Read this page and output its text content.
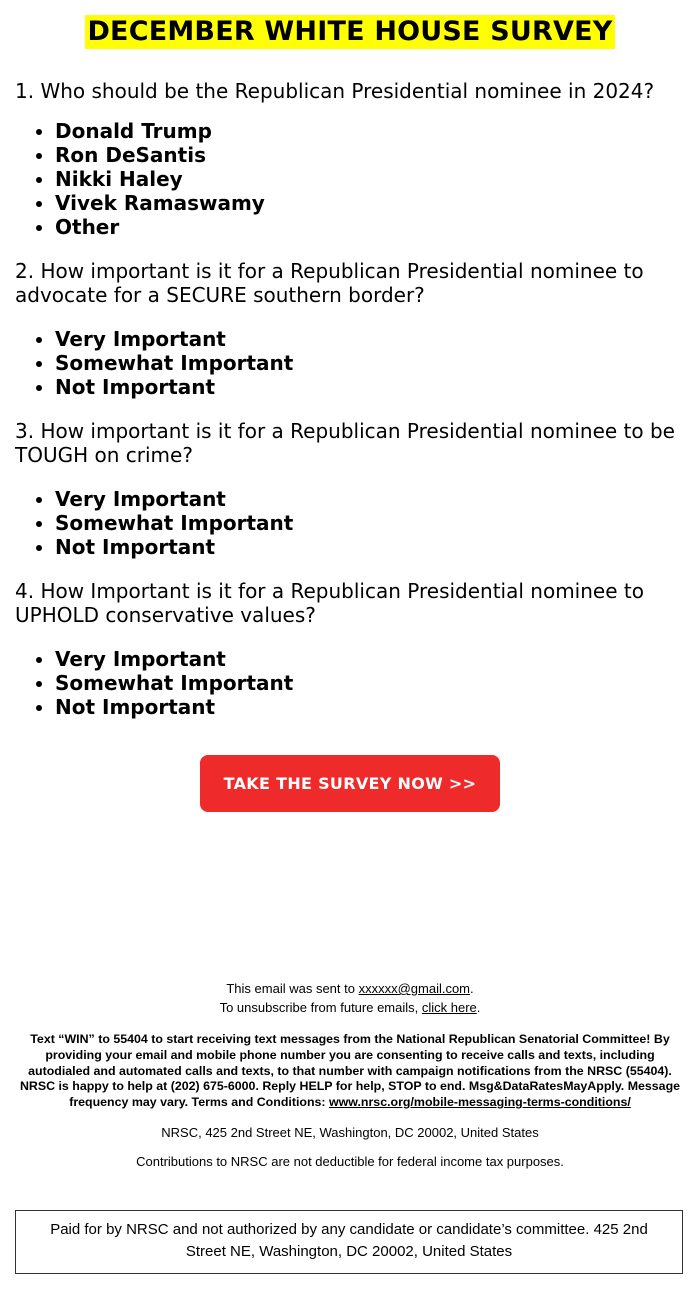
DECEMBER WHITE HOUSE SURVEY

1. Who should be the Republican Presidential nominee in 2024?

• Donald Trump
• Ron DeSantis
• Nikki Haley
• Vivek Ramaswamy
• Other

2. How important is it for a Republican Presidential nominee to advocate for a SECURE southern border?

• Very Important
• Somewhat Important
• Not Important

3. How important is it for a Republican Presidential nominee to be TOUGH on crime?

• Very Important
• Somewhat Important
• Not Important

4. How Important is it for a Republican Presidential nominee to UPHOLD conservative values?

• Very Important
• Somewhat Important
• Not Important
TAKE THE SURVEY NOW >>
This email was sent to xxxxxx@gmail.com.
To unsubscribe from future emails, click here.
Text “WIN” to 55404 to start receiving text messages from the National Republican Senatorial Committee! By providing your email and mobile phone number you are consenting to receive calls and texts, including autodialed and automated calls and texts, to that number with campaign notifications from the NRSC (55404). NRSC is happy to help at (202) 675-6000. Reply HELP for help, STOP to end. Msg&DataRatesMayApply. Message frequency may vary. Terms and Conditions: www.nrsc.org/mobile-messaging-terms-conditions/
NRSC, 425 2nd Street NE, Washington, DC 20002, United States
Contributions to NRSC are not deductible for federal income tax purposes.
Paid for by NRSC and not authorized by any candidate or candidate’s committee. 425 2nd Street NE, Washington, DC 20002, United States
